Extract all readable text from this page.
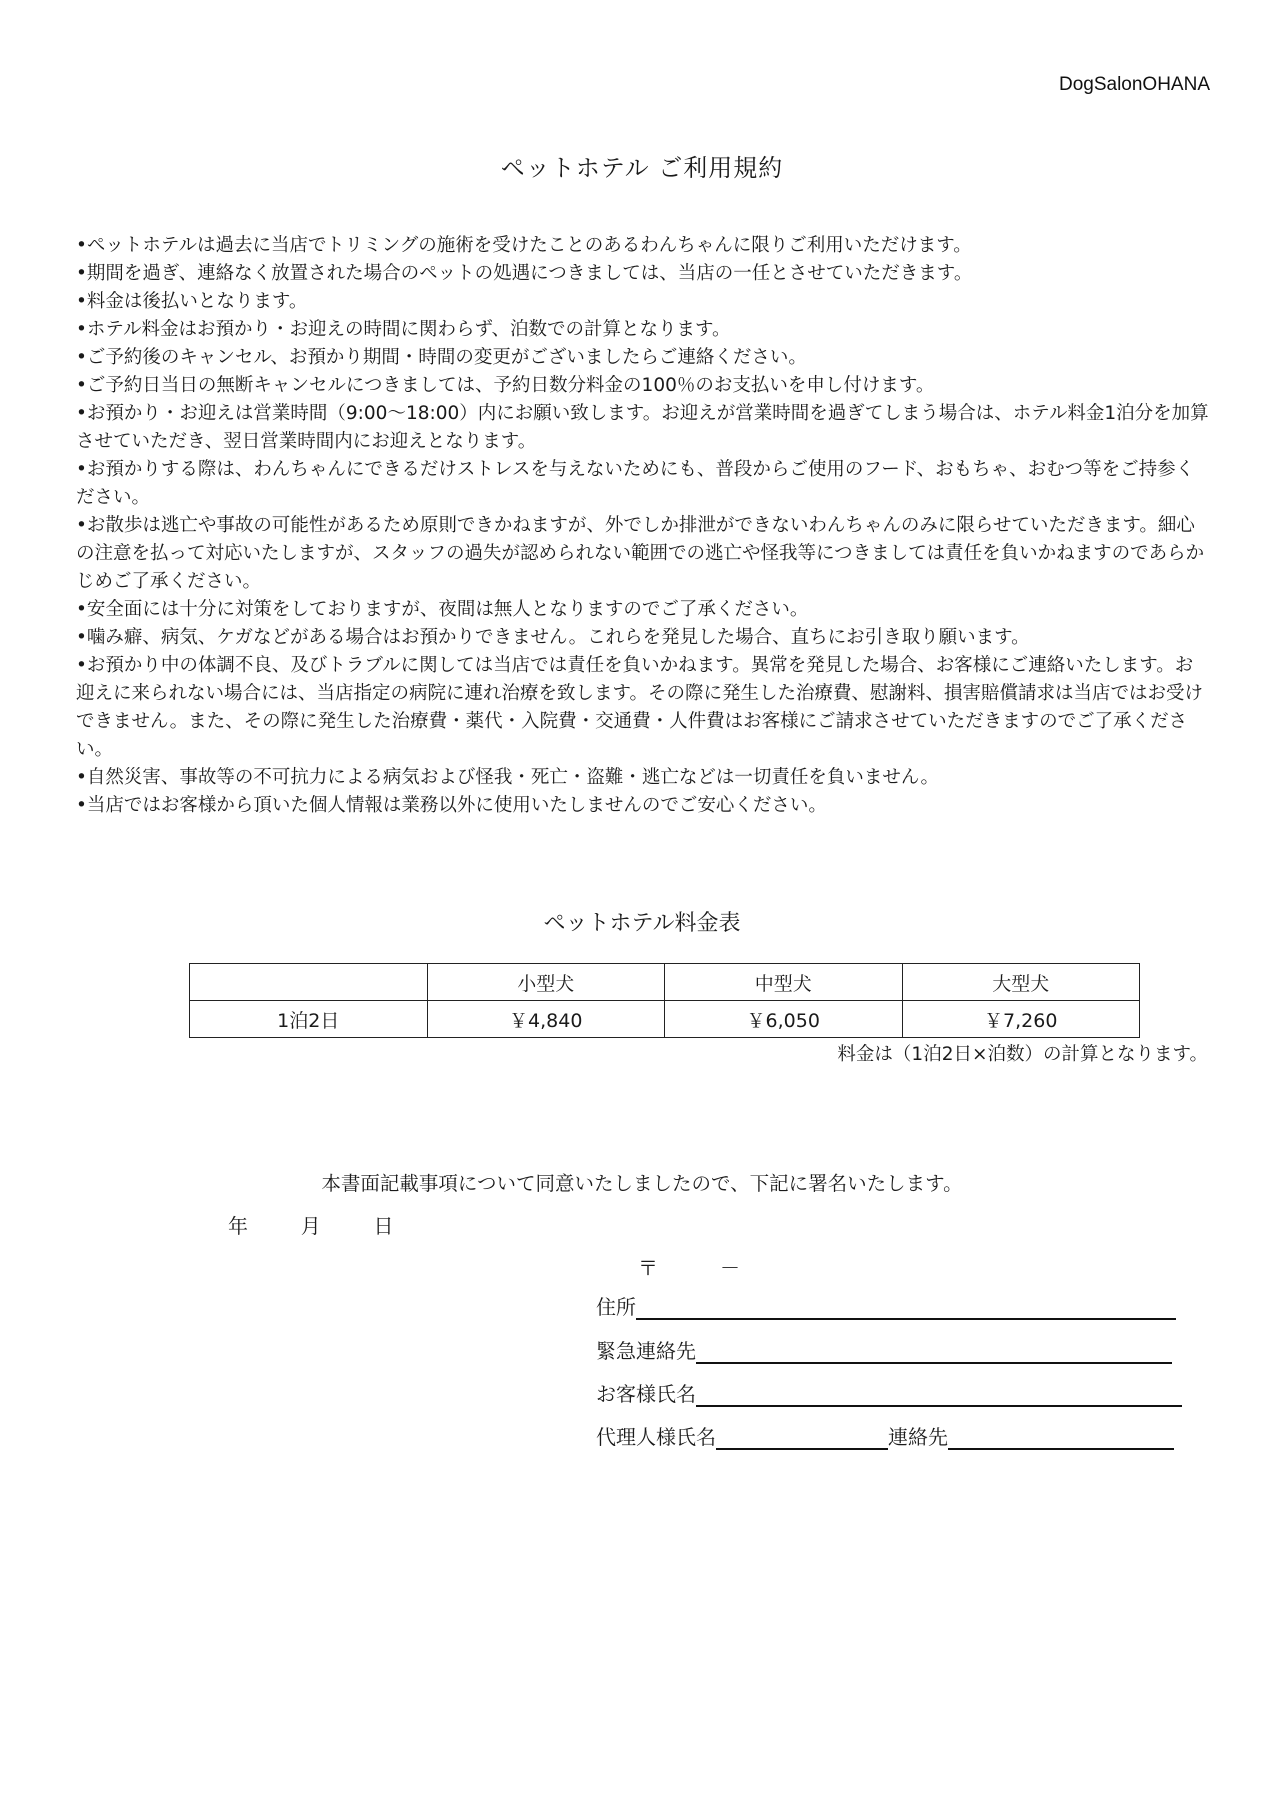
DogSalonOHANA
ペットホテル ご利用規約
•ペットホテルは過去に当店でトリミングの施術を受けたことのあるわんちゃんに限りご利用いただけます。
•期間を過ぎ、連絡なく放置された場合のペットの処遇につきましては、当店の一任とさせていただきます。
•料金は後払いとなります。
•ホテル料金はお預かり・お迎えの時間に関わらず、泊数での計算となります。
•ご予約後のキャンセル、お預かり期間・時間の変更がございましたらご連絡ください。
•ご予約日当日の無断キャンセルにつきましては、予約日数分料金の100％のお支払いを申し付けます。
•お預かり・お迎えは営業時間（9:00～18:00）内にお願い致します。お迎えが営業時間を過ぎてしまう場合は、ホテル料金1泊分を加算させていただき、翌日営業時間内にお迎えとなります。
•お預かりする際は、わんちゃんにできるだけストレスを与えないためにも、普段からご使用のフード、おもちゃ、おむつ等をご持参ください。
•お散歩は逃亡や事故の可能性があるため原則できかねますが、外でしか排泄ができないわんちゃんのみに限らせていただきます。細心の注意を払って対応いたしますが、スタッフの過失が認められない範囲での逃亡や怪我等につきましては責任を負いかねますのであらかじめご了承ください。
•安全面には十分に対策をしておりますが、夜間は無人となりますのでご了承ください。
•噛み癖、病気、ケガなどがある場合はお預かりできません。これらを発見した場合、直ちにお引き取り願います。
•お預かり中の体調不良、及びトラブルに関しては当店では責任を負いかねます。異常を発見した場合、お客様にご連絡いたします。お迎えに来られない場合には、当店指定の病院に連れ治療を致します。その際に発生した治療費、慰謝料、損害賠償請求は当店ではお受けできません。また、その際に発生した治療費・薬代・入院費・交通費・人件費はお客様にご請求させていただきますのでご了承ください。
•自然災害、事故等の不可抗力による病気および怪我・死亡・盗難・逃亡などは一切責任を負いません。
•当店ではお客様から頂いた個人情報は業務以外に使用いたしませんのでご安心ください。
ペットホテル料金表
	小型犬	中型犬	大型犬
1泊2日	￥4,840	￥6,050	￥7,260
料金は（1泊2日×泊数）の計算となります。
本書面記載事項について同意いたしましたので、下記に署名いたします。
年	月	日
〒	－
住所
緊急連絡先
お客様氏名
代理人様氏名	連絡先
